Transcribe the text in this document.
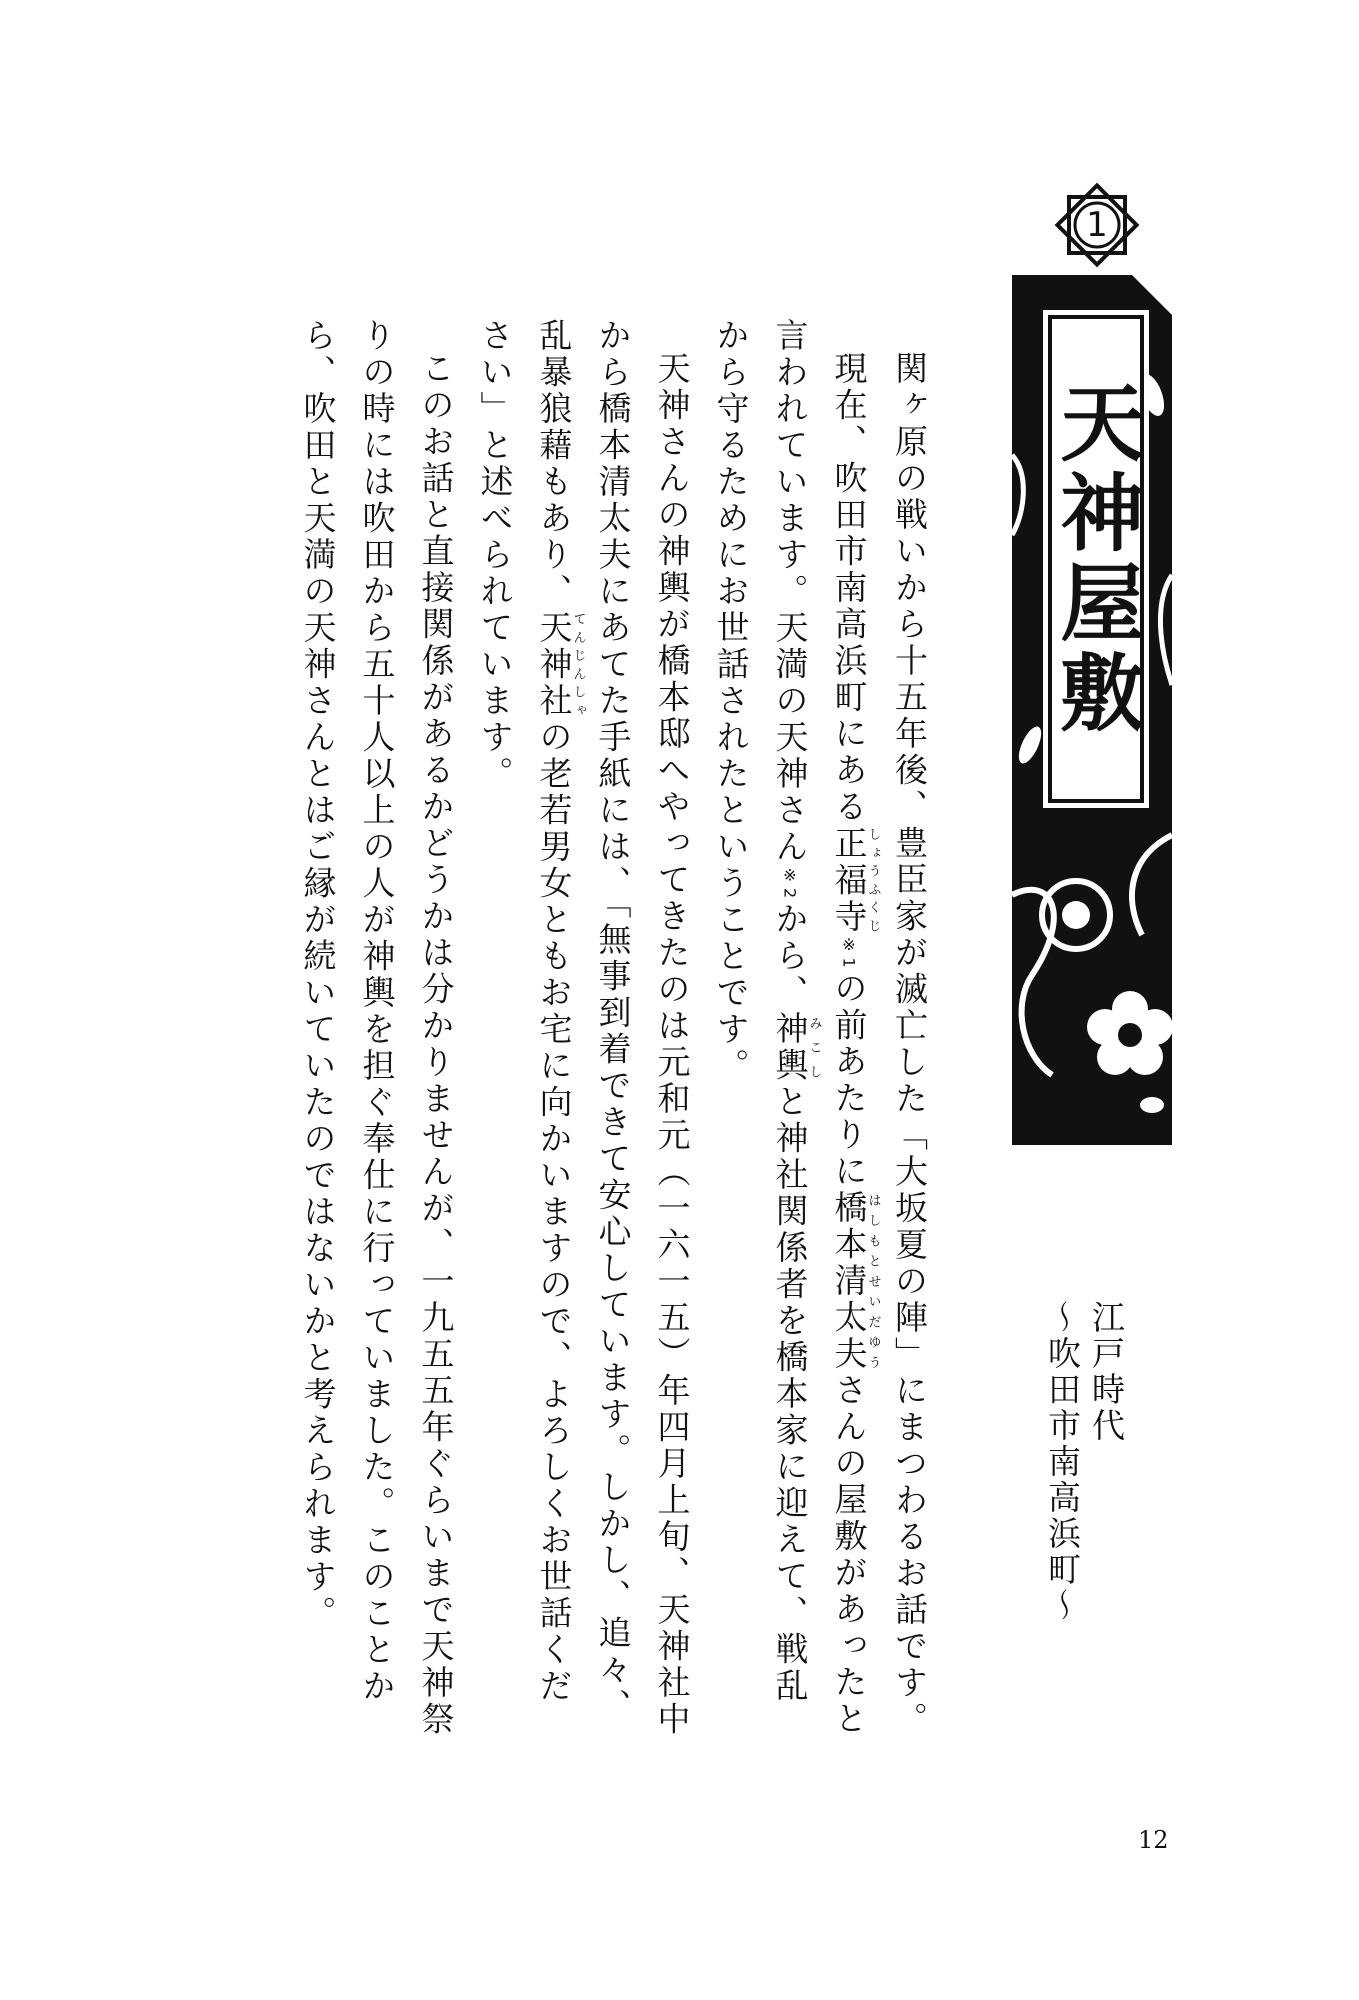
1
天神屋敷
江戸時代
〜吹田市南高浜町〜

関ヶ原の戦いから十五年後、豊臣家が滅亡した「大坂夏の陣」にまつわるお話です。

現在、吹田市南高浜町にある正福寺しょうふくじ※1の前あたりに橋本清太夫はしもとせいだゆうさんの屋敷があったと言われています。天満の天神さん※2から、神輿みこしと神社関係者を橋本家に迎えて、戦乱から守るためにお世話されたということです。

天神さんの神輿が橋本邸へやってきたのは元和元（一六一五）年四月上旬、天神社中から橋本清太夫にあてた手紙には、「無事到着できて安心しています。しかし、追々、乱暴狼藉もあり、天神社てんじんしゃの老若男女ともお宅に向かいますので、よろしくお世話ください」と述べられています。

このお話と直接関係があるかどうかは分かりませんが、一九五五年ぐらいまで天神祭りの時には吹田から五十人以上の人が神輿を担ぐ奉仕に行っていました。このことから、吹田と天満の天神さんとはご縁が続いていたのではないかと考えられます。

12
